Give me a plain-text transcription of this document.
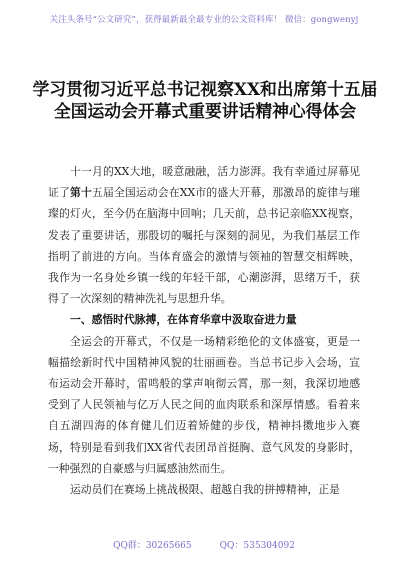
关注头条号“公文研究”，获得最新最全最专业的公文资料库！ 微信：gongwenyj
学习贯彻习近平总书记视察XX和出席第十五届全国运动会开幕式重要讲话精神心得体会

十一月的XX大地，暖意融融，活力澎湃。我有幸通过屏幕见证了第十五届全国运动会在XX市的盛大开幕，那激昂的旋律与璀璨的灯火，至今仍在脑海中回响；几天前，总书记亲临XX视察，发表了重要讲话，那殷切的嘱托与深刻的洞见，为我们基层工作指明了前进的方向。当体育盛会的激情与领袖的智慧交相辉映，我作为一名身处乡镇一线的年轻干部，心潮澎湃，思绪万千，获得了一次深刻的精神洗礼与思想升华。

一、感悟时代脉搏，在体育华章中汲取奋进力量

全运会的开幕式，不仅是一场精彩绝伦的文体盛宴，更是一幅描绘新时代中国精神风貌的壮丽画卷。当总书记步入会场，宣布运动会开幕时，雷鸣般的掌声响彻云霄，那一刻，我深切地感受到了人民领袖与亿万人民之间的血肉联系和深厚情感。看着来自五湖四海的体育健儿们迈着矫健的步伐，精神抖擞地步入赛场，特别是看到我们XX省代表团昂首挺胸、意气风发的身影时，一种强烈的自豪感与归属感油然而生。

运动员们在赛场上挑战极限、超越自我的拼搏精神，正是

QQ群：30265665	QQ：535304092
